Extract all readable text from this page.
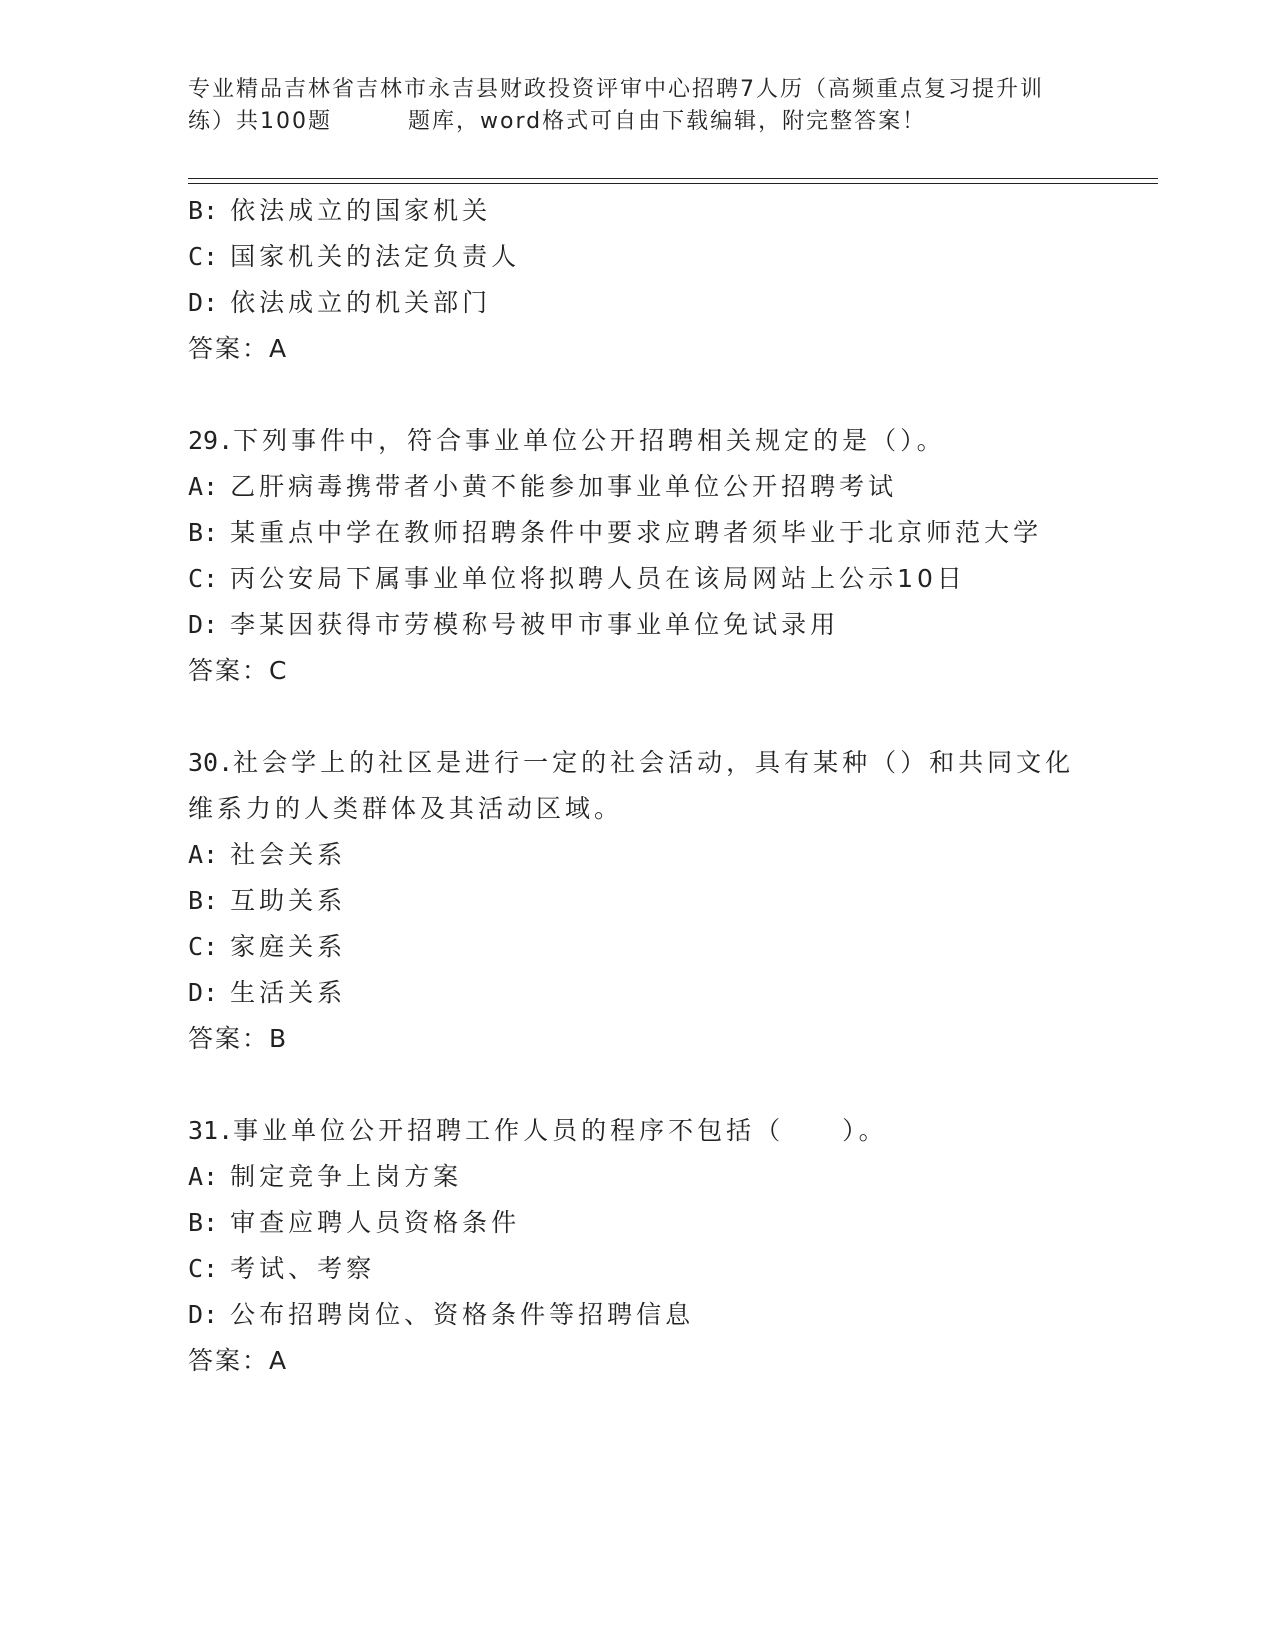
专业精品吉林省吉林市永吉县财政投资评审中心招聘7人历（高频重点复习提升训
练）共100题	题库，word格式可自由下载编辑，附完整答案！
B: 依法成立的国家机关
C: 国家机关的法定负责人
D: 依法成立的机关部门
答案：A
29.下列事件中，符合事业单位公开招聘相关规定的是（）。
A: 乙肝病毒携带者小黄不能参加事业单位公开招聘考试
B: 某重点中学在教师招聘条件中要求应聘者须毕业于北京师范大学
C: 丙公安局下属事业单位将拟聘人员在该局网站上公示10日
D: 李某因获得市劳模称号被甲市事业单位免试录用
答案：C
30.社会学上的社区是进行一定的社会活动，具有某种（）和共同文化
维系力的人类群体及其活动区域。
A: 社会关系
B: 互助关系
C: 家庭关系
D: 生活关系
答案：B
31.事业单位公开招聘工作人员的程序不包括（　　）。
A: 制定竞争上岗方案
B: 审查应聘人员资格条件
C: 考试、考察
D: 公布招聘岗位、资格条件等招聘信息
答案：A
